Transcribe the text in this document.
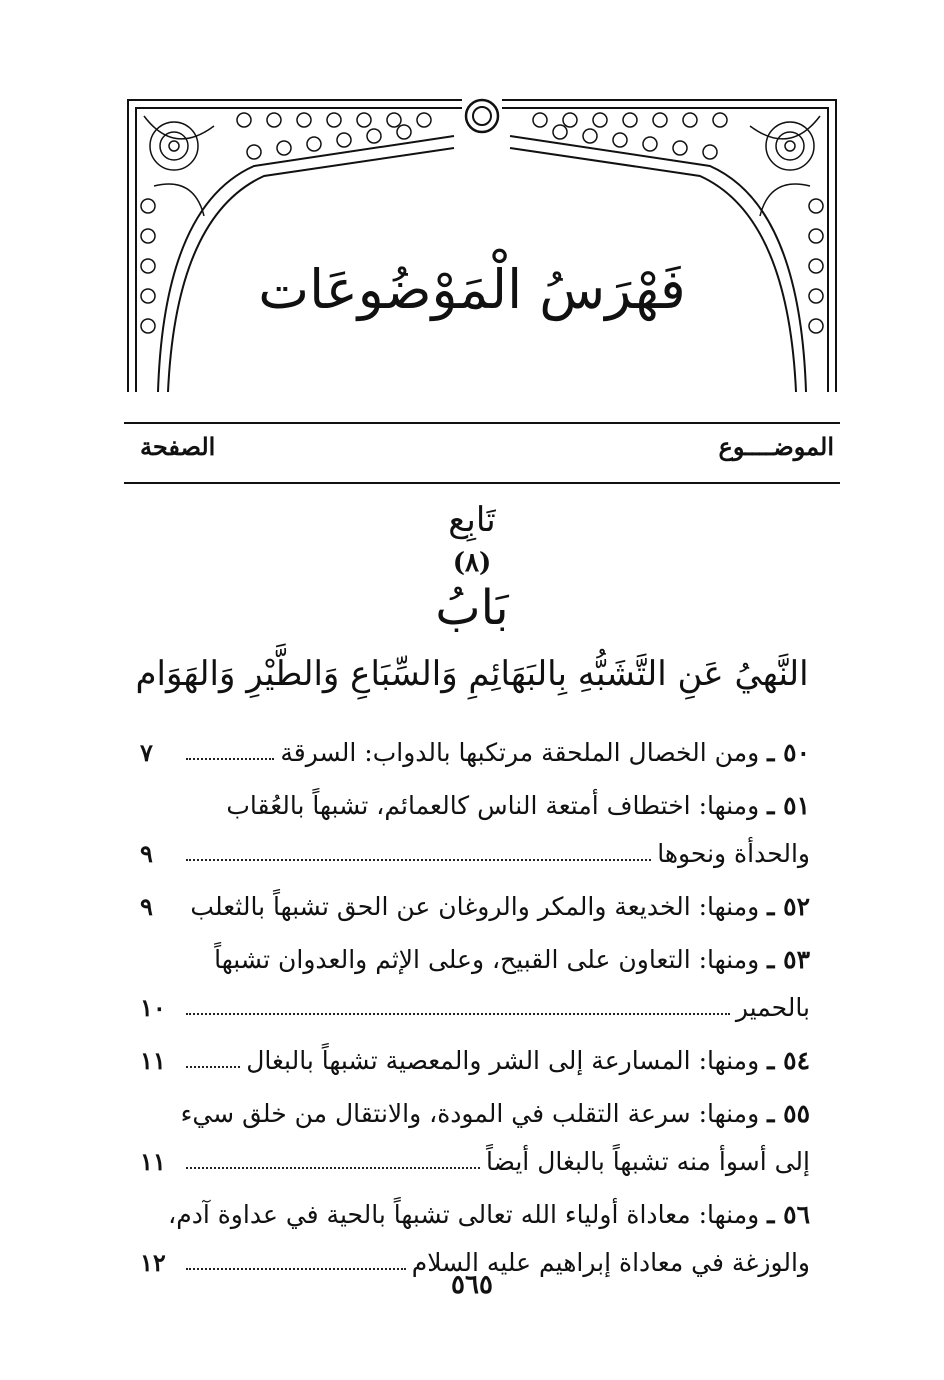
فَهْرَسُ الْمَوْضُوعَات
الموضــــوع
الصفحة
تَابِع
(٨)
بَابُ
النَّهيُ عَنِ التَّشَبُّهِ بِالبَهَائِمِ وَالسِّبَاعِ وَالطَّيْرِ وَالهَوَام
٥٠ ـ ومن الخصال الملحقة مرتكبها بالدواب: السرقة
٧
٥١ ـ ومنها: اختطاف أمتعة الناس كالعمائم، تشبهاً بالعُقاب
والحدأة ونحوها
٩
٥٢ ـ ومنها: الخديعة والمكر والروغان عن الحق تشبهاً بالثعلب
٩
٥٣ ـ ومنها: التعاون على القبيح، وعلى الإثم والعدوان تشبهاً
بالحمير
١٠
٥٤ ـ ومنها: المسارعة إلى الشر والمعصية تشبهاً بالبغال
١١
٥٥ ـ ومنها: سرعة التقلب في المودة، والانتقال من خلق سيء
إلى أسوأ منه تشبهاً بالبغال أيضاً
١١
٥٦ ـ ومنها: معاداة أولياء الله تعالى تشبهاً بالحية في عداوة آدم،
والوزغة في معاداة إبراهيم عليه السلام
١٢
٥٦٥
